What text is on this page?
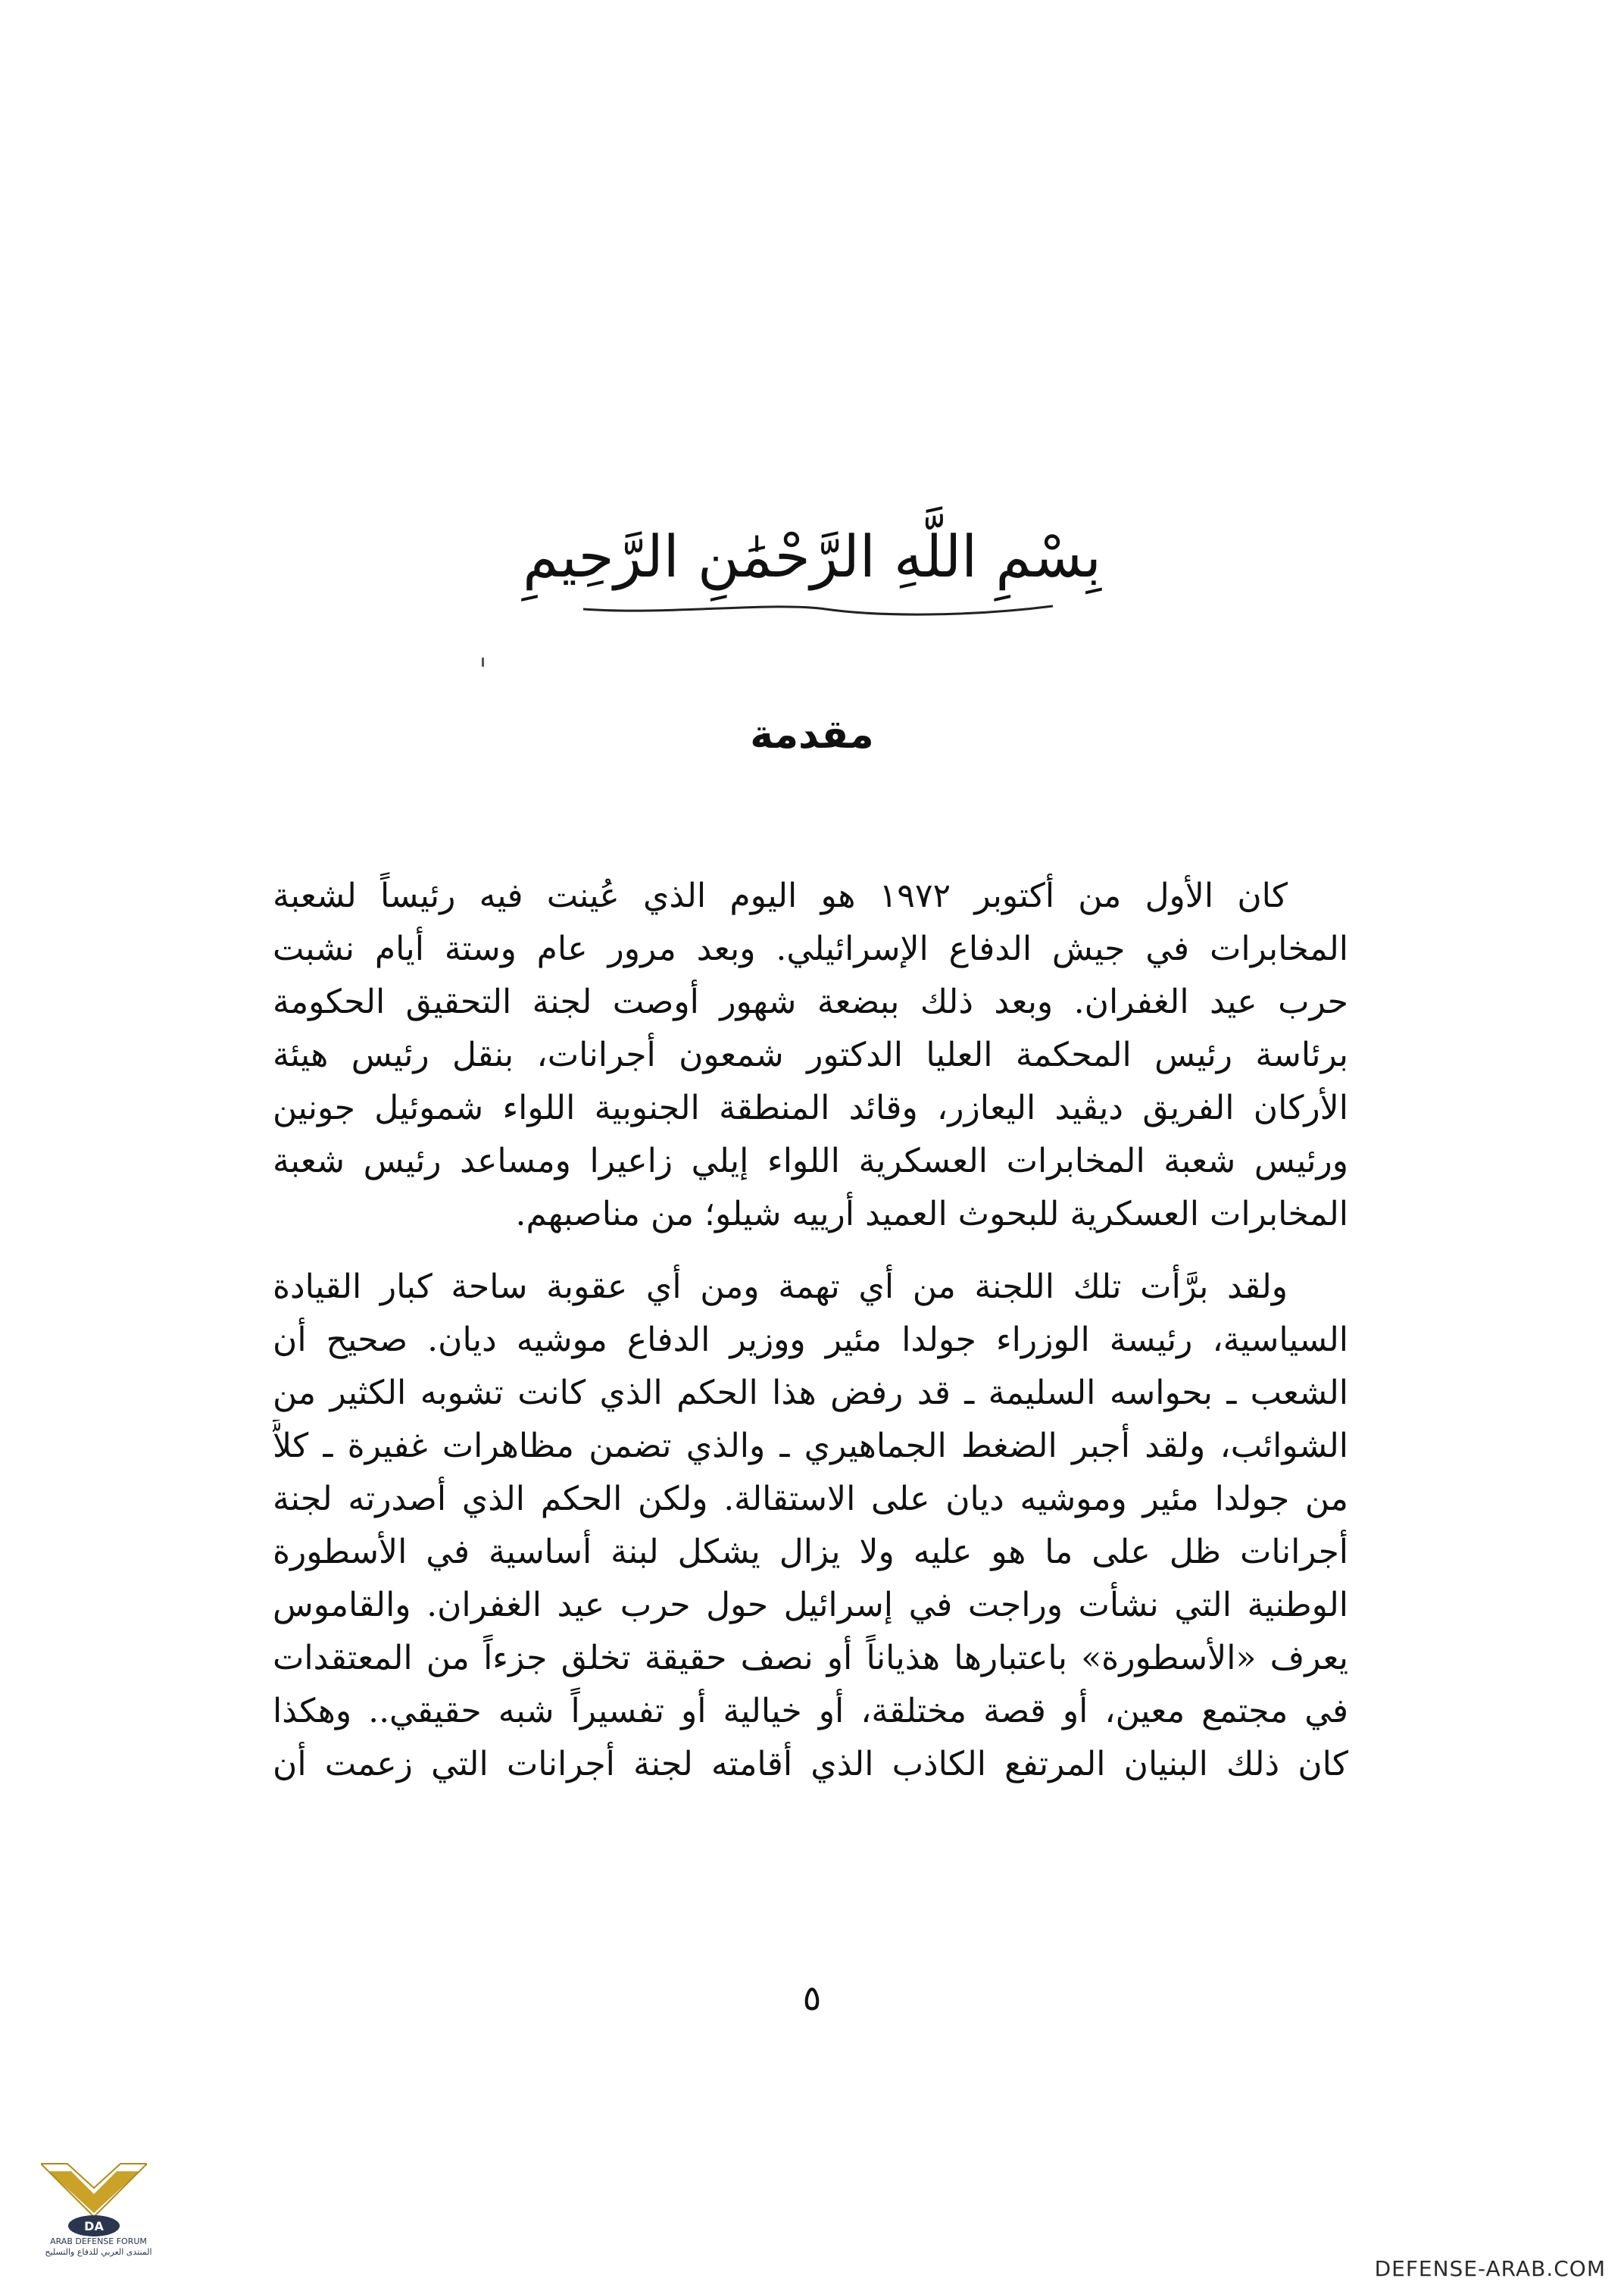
بِسْمِ اللَّهِ الرَّحْمَٰنِ الرَّحِيمِ
مقدمة
كان الأول من أكتوبر ١٩٧٢ هو اليوم الذي عُينت فيه رئيساً لشعبة
المخابرات في جيش الدفاع الإسرائيلي. وبعد مرور عام وستة أيام نشبت
حرب عيد الغفران. وبعد ذلك ببضعة شهور أوصت لجنة التحقيق الحكومة
برئاسة رئيس المحكمة العليا الدكتور شمعون أجرانات، بنقل رئيس هيئة
الأركان الفريق ديڤيد اليعازر، وقائد المنطقة الجنوبية اللواء شموئيل جونين
ورئيس شعبة المخابرات العسكرية اللواء إيلي زاعيرا ومساعد رئيس شعبة
المخابرات العسكرية للبحوث العميد أرييه شيلو؛ من مناصبهم.
ولقد برَّأت تلك اللجنة من أي تهمة ومن أي عقوبة ساحة كبار القيادة
السياسية، رئيسة الوزراء جولدا مئير ووزير الدفاع موشيه ديان. صحيح أن
الشعب ـ بحواسه السليمة ـ قد رفض هذا الحكم الذي كانت تشوبه الكثير من
الشوائب، ولقد أجبر الضغط الجماهيري ـ والذي تضمن مظاهرات غفيرة ـ كلاًّ
من جولدا مئير وموشيه ديان على الاستقالة. ولكن الحكم الذي أصدرته لجنة
أجرانات ظل على ما هو عليه ولا يزال يشكل لبنة أساسية في الأسطورة
الوطنية التي نشأت وراجت في إسرائيل حول حرب عيد الغفران. والقاموس
يعرف «الأسطورة» باعتبارها هذياناً أو نصف حقيقة تخلق جزءاً من المعتقدات
في مجتمع معين، أو قصة مختلقة، أو خيالية أو تفسيراً شبه حقيقي.. وهكذا
كان ذلك البنيان المرتفع الكاذب الذي أقامته لجنة أجرانات التي زعمت أن
٥
DA
ARAB DEFENSE FORUM
المنتدى العربي للدفاع والتسليح
DEFENSE-ARAB.COM
